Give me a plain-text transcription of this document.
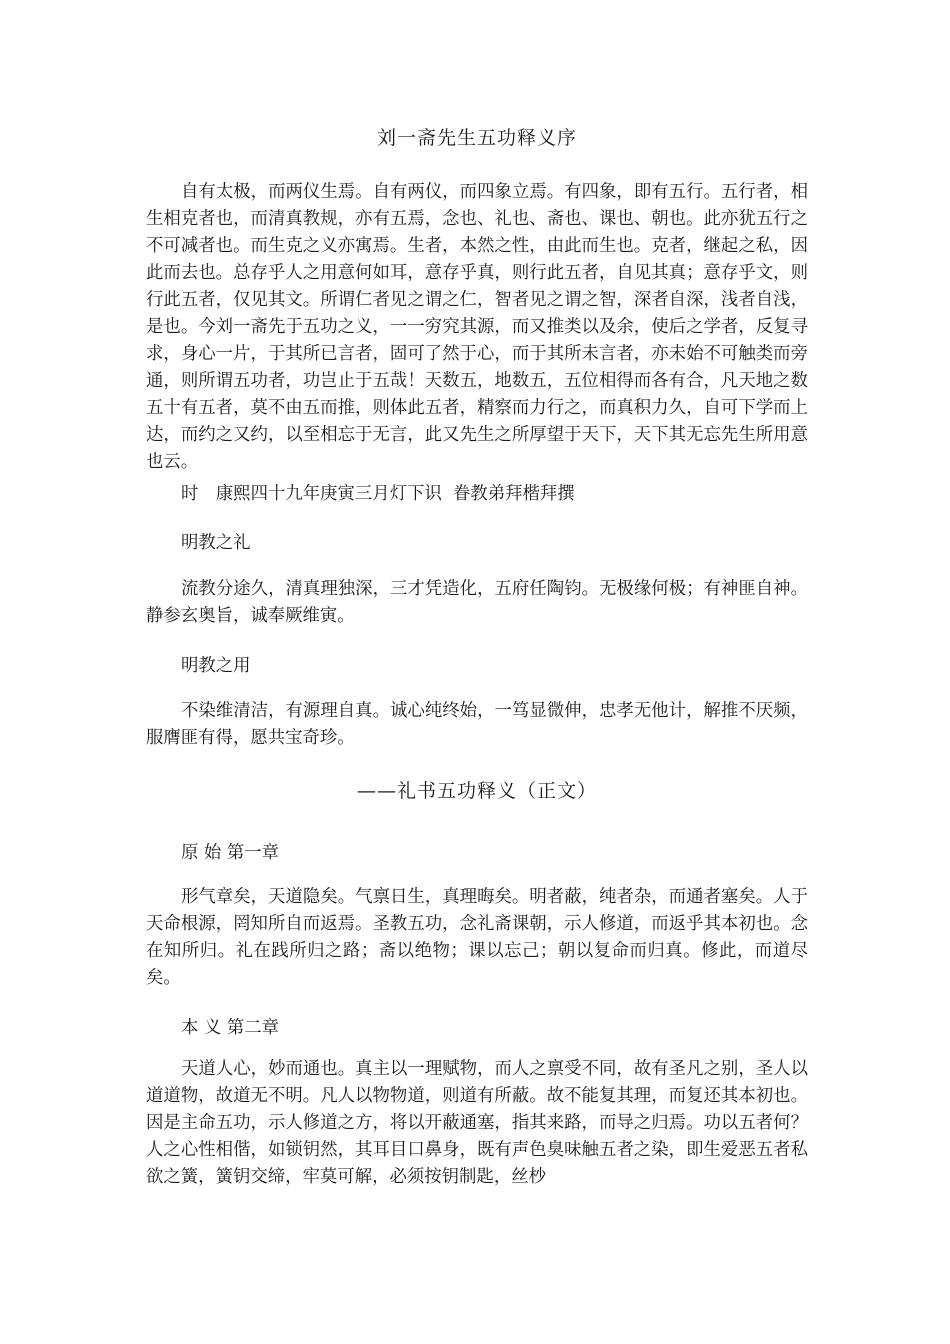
刘一斋先生五功释义序

自有太极，而两仪生焉。自有两仪，而四象立焉。有四象，即有五行。五行者，相生相克者也，而清真教规，亦有五焉，念也、礼也、斋也、课也、朝也。此亦犹五行之不可减者也。而生克之义亦寓焉。生者，本然之性，由此而生也。克者，继起之私，因此而去也。总存乎人之用意何如耳，意存乎真，则行此五者，自见其真；意存乎文，则行此五者，仅见其文。所谓仁者见之谓之仁，智者见之谓之智，深者自深，浅者自浅，是也。今刘一斋先于五功之义，一一穷究其源，而又推类以及余，使后之学者，反复寻求，身心一片，于其所已言者，固可了然于心，而于其所未言者，亦未始不可触类而旁通，则所谓五功者，功岂止于五哉！天数五，地数五，五位相得而各有合，凡天地之数五十有五者，莫不由五而推，则体此五者，精察而力行之，而真积力久，自可下学而上达，而约之又约，以至相忘于无言，此又先生之所厚望于天下，天下其无忘先生所用意也云。

时　康熙四十九年庚寅三月灯下识  眷教弟拜楷拜撰
明教之礼

流教分途久，清真理独深，三才凭造化，五府任陶钧。无极缘何极；有神匪自神。静参玄奥旨，诚奉厥维寅。

明教之用

不染维清洁，有源理自真。诚心纯终始，一笃显微伸，忠孝无他计，解推不厌频，服膺匪有得，愿共宝奇珍。

——礼书五功释义（正文）
原 始 第一章

形气章矣，天道隐矣。气禀日生，真理晦矣。明者蔽，纯者杂，而通者塞矣。人于天命根源，罔知所自而返焉。圣教五功，念礼斋课朝，示人修道，而返乎其本初也。念在知所归。礼在践所归之路；斋以绝物；课以忘己；朝以复命而归真。修此，而道尽矣。

本 义 第二章

天道人心，妙而通也。真主以一理赋物，而人之禀受不同，故有圣凡之别，圣人以道道物，故道无不明。凡人以物物道，则道有所蔽。故不能复其理，而复还其本初也。因是主命五功，示人修道之方，将以开蔽通塞，指其来路，而导之归焉。功以五者何？人之心性相偕，如锁钥然，其耳目口鼻身，既有声色臭味触五者之染，即生爱恶五者私欲之簧，簧钥交缔，牢莫可解，必须按钥制匙，丝杪
